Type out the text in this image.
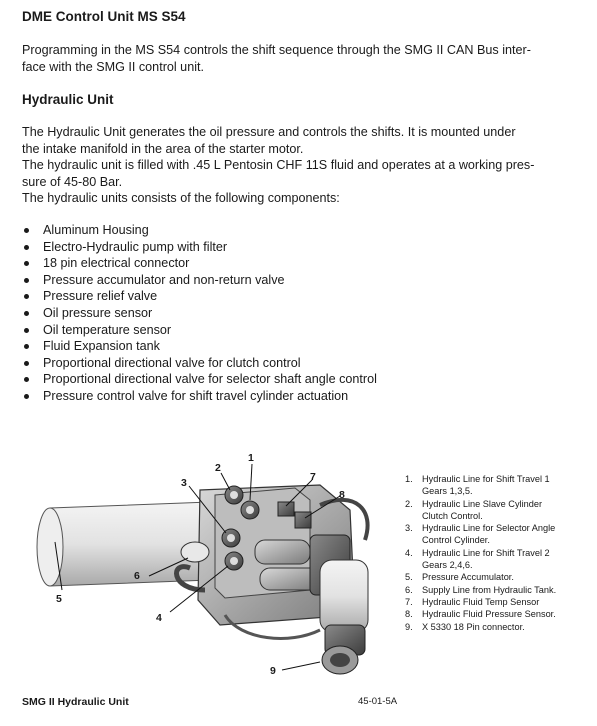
DME Control Unit MS S54
Programming in the MS S54 controls the shift sequence through the SMG II CAN Bus inter-
face with the SMG II control unit.
Hydraulic Unit
The Hydraulic Unit generates the oil pressure and controls the shifts. It is mounted under
the intake manifold in the area of the starter motor.
The hydraulic unit is filled with .45 L Pentosin CHF 11S fluid and operates at a working pres-
sure of 45-80 Bar.
The hydraulic units consists of the following components:
Aluminum Housing
Electro-Hydraulic pump with filter
18 pin electrical connector
Pressure accumulator and non-return valve
Pressure relief valve
Oil pressure sensor
Oil temperature sensor
Fluid Expansion tank
Proportional directional valve for clutch control
Proportional directional valve for selector shaft angle control
Pressure control valve for shift travel cylinder actuation
1
2
3
4
5
6
7
8
9
1. Hydraulic Line for Shift Travel 1
Gears 1,3,5.
2. Hydraulic Line Slave Cylinder
Clutch Control.
3. Hydraulic Line for Selector Angle
Control Cylinder.
4. Hydraulic Line for Shift Travel 2
Gears 2,4,6.
5. Pressure Accumulator.
6. Supply Line from Hydraulic Tank.
7. Hydraulic Fluid Temp Sensor
8. Hydraulic Fluid Pressure Sensor.
9. X 5330 18 Pin connector.
SMG II Hydraulic Unit	45-01-5A
